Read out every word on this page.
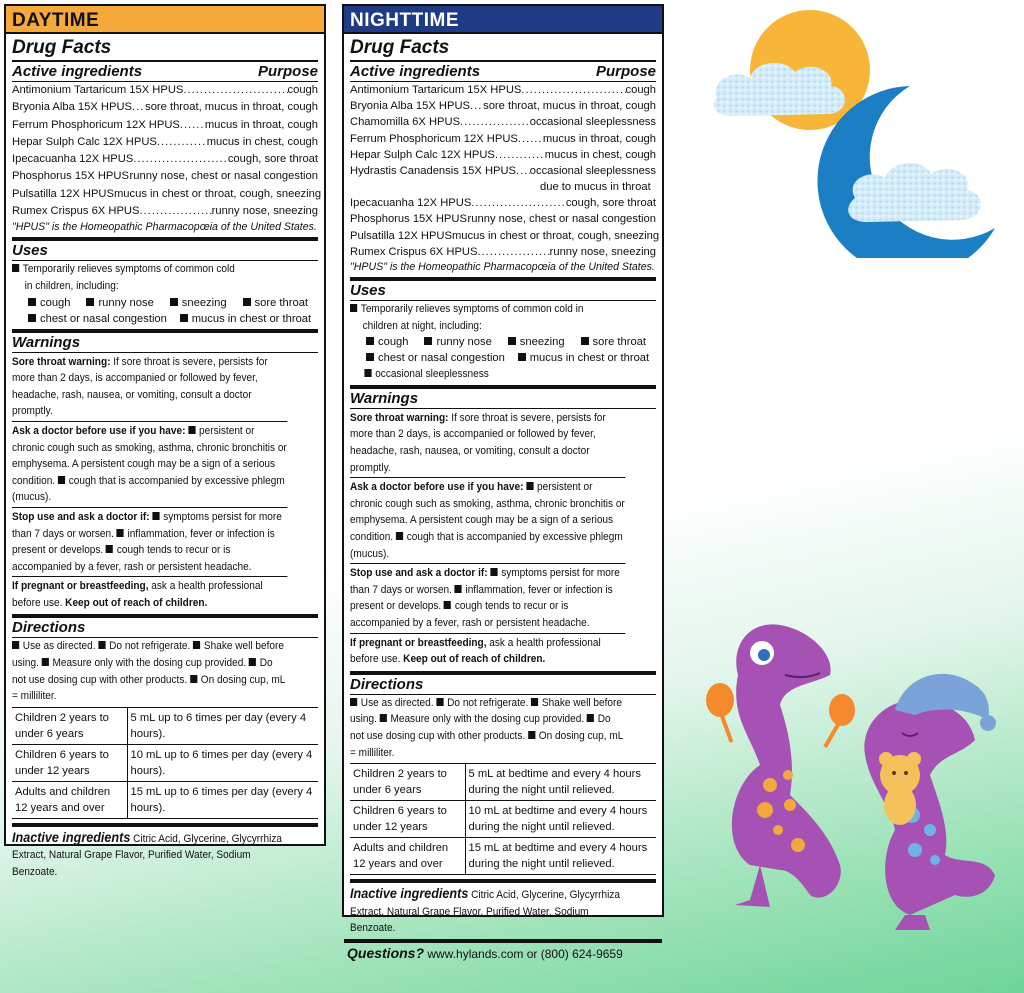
DAYTIME
Drug Facts
Active ingredients	Purpose
Antimonium Tartaricum 15X HPUS .....	cough
Bryonia Alba 15X HPUS ..... sore throat, mucus in throat, cough
Ferrum Phosphoricum 12X HPUS ..... mucus in throat, cough
Hepar Sulph Calc 12X HPUS .....	mucus in chest, cough
Ipecacuanha 12X HPUS .....	cough, sore throat
Phosphorus 15X HPUS ..... runny nose, chest or nasal congestion
Pulsatilla 12X HPUS mucus in chest or throat, cough, sneezing
Rumex Crispus 6X HPUS .....	runny nose, sneezing
"HPUS" is the Homeopathic Pharmacopœia of the United States.
Uses
Temporarily relieves symptoms of common cold
in children, including:
cough	runny nose	sneezing	sore throat
chest or nasal congestion	mucus in chest or throat
Warnings
Sore throat warning: If sore throat is severe, persists for more than 2 days, is accompanied or followed by fever, headache, rash, nausea, or vomiting, consult a doctor promptly.
Ask a doctor before use if you have: persistent or chronic cough such as smoking, asthma, chronic bronchitis or emphysema. A persistent cough may be a sign of a serious condition. cough that is accompanied by excessive phlegm (mucus).
Stop use and ask a doctor if: symptoms persist for more than 7 days or worsen. inflammation, fever or infection is present or develops. cough tends to recur or is accompanied by a fever, rash or persistent headache.
If pregnant or breastfeeding, ask a health professional before use. Keep out of reach of children.
Directions
Use as directed. Do not refrigerate. Shake well before using. Measure only with the dosing cup provided. Do not use dosing cup with other products. On dosing cup, mL = milliliter.
Children 2 years to under 6 years	5 mL up to 6 times per day (every 4 hours).
Children 6 years to under 12 years	10 mL up to 6 times per day (every 4 hours).
Adults and children 12 years and over	15 mL up to 6 times per day (every 4 hours).
Inactive ingredients Citric Acid, Glycerine, Glycyrrhiza Extract, Natural Grape Flavor, Purified Water, Sodium Benzoate.
NIGHTTIME
Drug Facts
Active ingredients	Purpose
Antimonium Tartaricum 15X HPUS .....	cough
Bryonia Alba 15X HPUS ..... sore throat, mucus in throat, cough
Chamomilla 6X HPUS .....	occasional sleeplessness
Ferrum Phosphoricum 12X HPUS ..... mucus in throat, cough
Hepar Sulph Calc 12X HPUS .....	mucus in chest, cough
Hydrastis Canadensis 15X HPUS ..... occasional sleeplessness
due to mucus in throat
Ipecacuanha 12X HPUS .....	cough, sore throat
Phosphorus 15X HPUS ..... runny nose, chest or nasal congestion
Pulsatilla 12X HPUS mucus in chest or throat, cough, sneezing
Rumex Crispus 6X HPUS .....	runny nose, sneezing
"HPUS" is the Homeopathic Pharmacopœia of the United States.
Uses
Temporarily relieves symptoms of common cold in
children at night, including:
cough	runny nose	sneezing	sore throat
chest or nasal congestion	mucus in chest or throat
occasional sleeplessness
Warnings
Sore throat warning: If sore throat is severe, persists for more than 2 days, is accompanied or followed by fever, headache, rash, nausea, or vomiting, consult a doctor promptly.
Ask a doctor before use if you have: persistent or chronic cough such as smoking, asthma, chronic bronchitis or emphysema. A persistent cough may be a sign of a serious condition. cough that is accompanied by excessive phlegm (mucus).
Stop use and ask a doctor if: symptoms persist for more than 7 days or worsen. inflammation, fever or infection is present or develops. cough tends to recur or is accompanied by a fever, rash or persistent headache.
If pregnant or breastfeeding, ask a health professional before use. Keep out of reach of children.
Directions
Use as directed. Do not refrigerate. Shake well before using. Measure only with the dosing cup provided. Do not use dosing cup with other products. On dosing cup, mL = milliliter.
Children 2 years to under 6 years	5 mL at bedtime and every 4 hours during the night until relieved.
Children 6 years to under 12 years	10 mL at bedtime and every 4 hours during the night until relieved.
Adults and children 12 years and over	15 mL at bedtime and every 4 hours during the night until relieved.
Inactive ingredients Citric Acid, Glycerine, Glycyrrhiza Extract, Natural Grape Flavor, Purified Water, Sodium Benzoate.
Questions? www.hylands.com or (800) 624-9659
